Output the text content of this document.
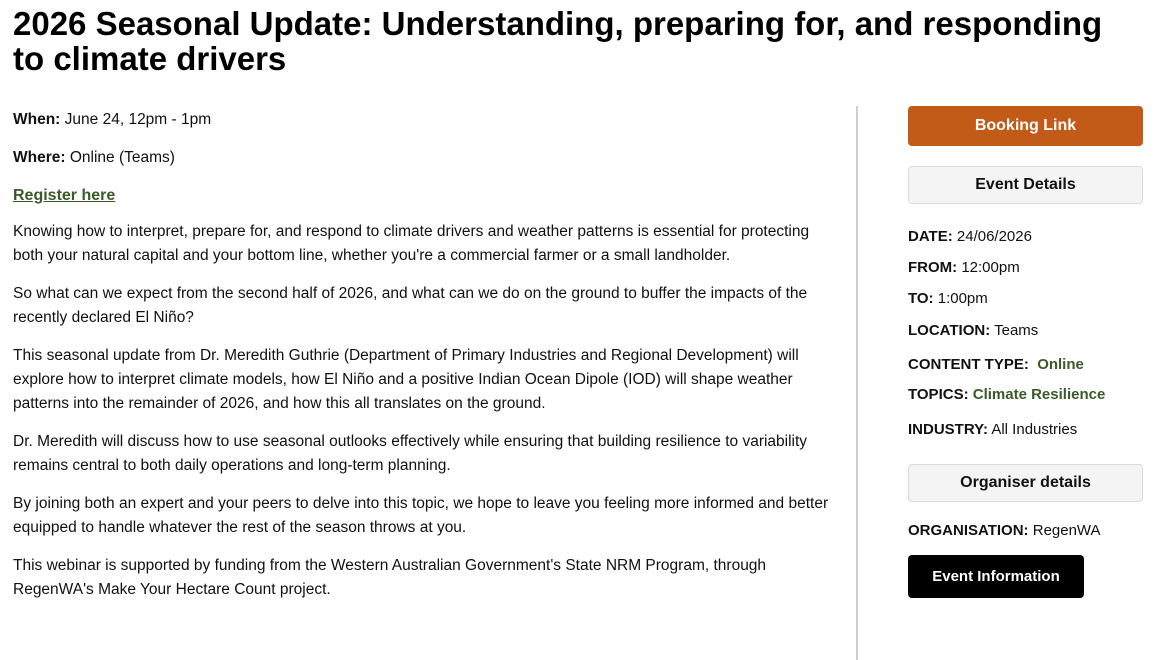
2026 Seasonal Update: Understanding, preparing for, and responding to climate drivers

When: June 24, 12pm - 1pm

Where: Online (Teams)

Register here

Knowing how to interpret, prepare for, and respond to climate drivers and weather patterns is essential for protecting both your natural capital and your bottom line, whether you're a commercial farmer or a small landholder.

So what can we expect from the second half of 2026, and what can we do on the ground to buffer the impacts of the recently declared El Niño?

This seasonal update from Dr. Meredith Guthrie (Department of Primary Industries and Regional Development) will explore how to interpret climate models, how El Niño and a positive Indian Ocean Dipole (IOD) will shape weather patterns into the remainder of 2026, and how this all translates on the ground.

Dr. Meredith will discuss how to use seasonal outlooks effectively while ensuring that building resilience to variability remains central to both daily operations and long-term planning.

By joining both an expert and your peers to delve into this topic, we hope to leave you feeling more informed and better equipped to handle whatever the rest of the season throws at you.

This webinar is supported by funding from the Western Australian Government's State NRM Program, through RegenWA's Make Your Hectare Count project.

Booking Link
Event Details
DATE: 24/06/2026
FROM: 12:00pm
TO: 1:00pm
LOCATION: Teams
CONTENT TYPE: Online
TOPICS: Climate Resilience
INDUSTRY: All Industries
Organiser details
ORGANISATION: RegenWA
Event Information
